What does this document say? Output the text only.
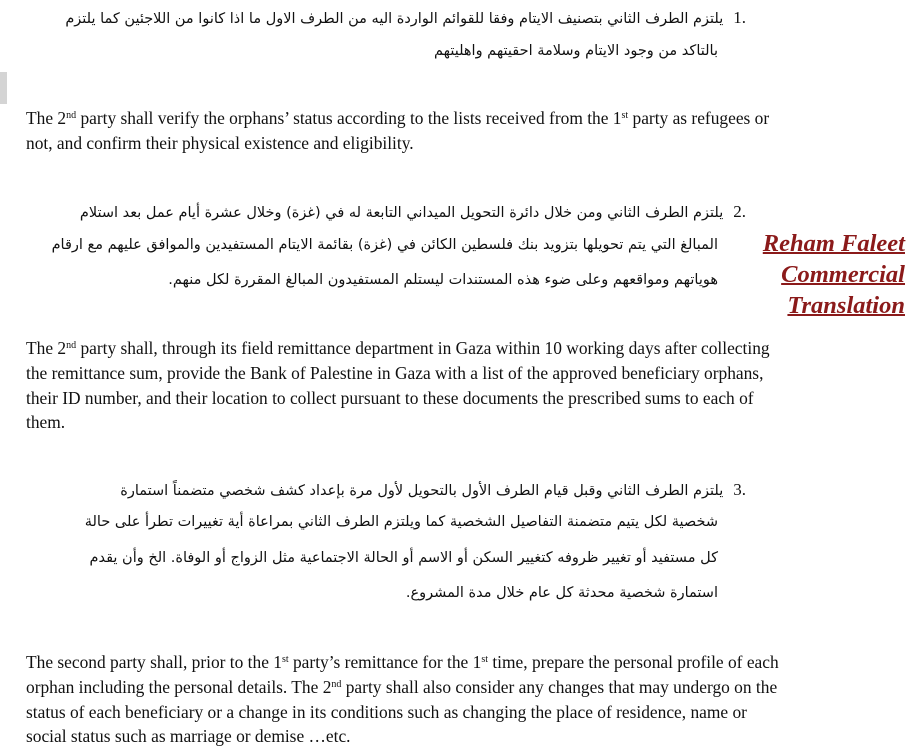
.1يلتزم الطرف الثاني بتصنيف الايتام وفقا للقوائم الواردة اليه من الطرف الاول ما اذا كانوا من اللاجئين كما يلتزم
بالتاكد من وجود الايتام وسلامة احقيتهم واهليتهم

The 2nd party shall verify the orphans’ status according to the lists received from the 1st party as refugees or not, and confirm their physical existence and eligibility.

.2يلتزم الطرف الثاني ومن خلال دائرة التحويل الميداني التابعة له في (غزة) وخلال عشرة أيام عمل بعد استلام
المبالغ التي يتم تحويلها بتزويد بنك فلسطين الكائن في (غزة) بقائمة الايتام المستفيدين والموافق عليهم مع ارقام
هوياتهم ومواقعهم وعلى ضوء هذه المستندات ليستلم المستفيدون المبالغ المقررة لكل منهم.

The 2nd party shall, through its field remittance department in Gaza within 10 working days after collecting the remittance sum, provide the Bank of Palestine in Gaza with a list of the approved beneficiary orphans, their ID number, and their location to collect pursuant to these documents the prescribed sums to each of them.

.3يلتزم الطرف الثاني وقبل قيام الطرف الأول بالتحويل لأول مرة بإعداد كشف شخصي متضمناً استمارة
شخصية لكل يتيم متضمنة التفاصيل الشخصية كما ويلتزم الطرف الثاني بمراعاة أية تغييرات تطرأ على حالة
كل مستفيد أو تغيير ظروفه كتغيير السكن أو الاسم أو الحالة الاجتماعية مثل الزواج أو الوفاة. الخ وأن يقدم
استمارة شخصية محدثة كل عام خلال مدة المشروع.

The second party shall, prior to the 1st party’s remittance for the 1st time, prepare the personal profile of each orphan including the personal details. The 2nd party shall also consider any changes that may undergo on the status of each beneficiary or a change in its conditions such as changing the place of residence, name or social status such as marriage or demise …etc.

Reham Faleet
Commercial
Translation
